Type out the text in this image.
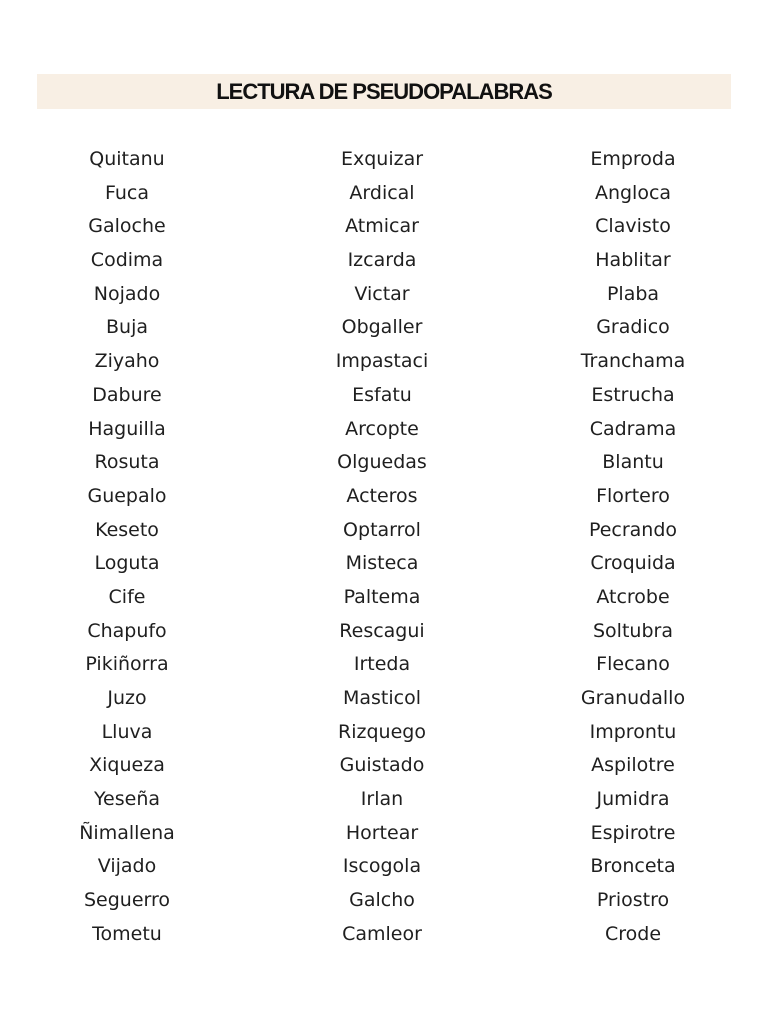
LECTURA DE PSEUDOPALABRAS
Quitanu
Fuca
Galoche
Codima
Nojado
Buja
Ziyaho
Dabure
Haguilla
Rosuta
Guepalo
Keseto
Loguta
Cife
Chapufo
Pikiñorra
Juzo
Lluva
Xiqueza
Yeseña
Ñimallena
Vijado
Seguerro
Tometu
Exquizar
Ardical
Atmicar
Izcarda
Victar
Obgaller
Impastaci
Esfatu
Arcopte
Olguedas
Acteros
Optarrol
Misteca
Paltema
Rescagui
Irteda
Masticol
Rizquego
Guistado
Irlan
Hortear
Iscogola
Galcho
Camleor
Emproda
Angloca
Clavisto
Hablitar
Plaba
Gradico
Tranchama
Estrucha
Cadrama
Blantu
Flortero
Pecrando
Croquida
Atcrobe
Soltubra
Flecano
Granudallo
Improntu
Aspilotre
Jumidra
Espirotre
Bronceta
Priostro
Crode
